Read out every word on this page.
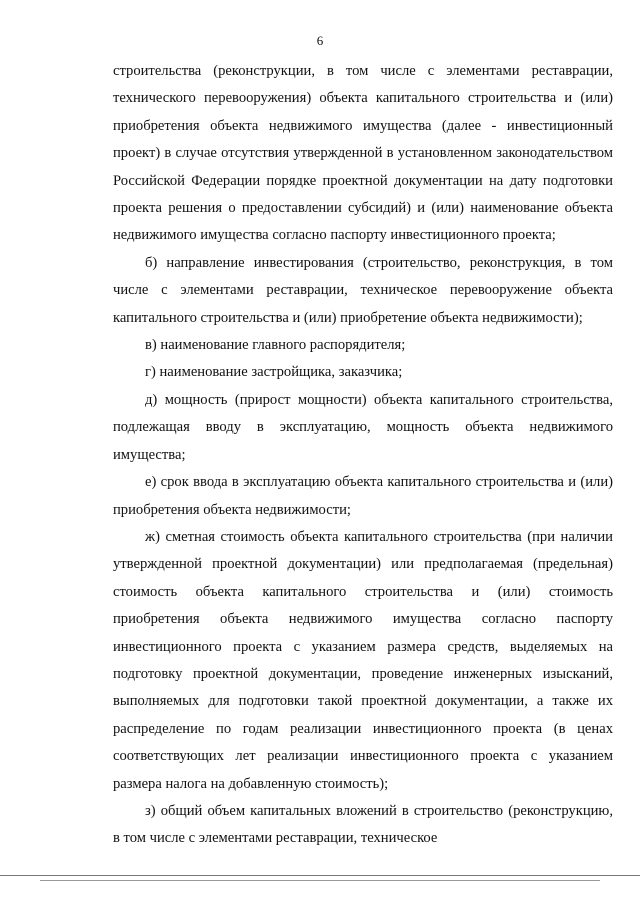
6

строительства (реконструкции, в том числе с элементами реставрации, технического перевооружения) объекта капитального строительства и (или) приобретения объекта недвижимого имущества (далее - инвестиционный проект) в случае отсутствия утвержденной в установленном законодательством Российской Федерации порядке проектной документации на дату подготовки проекта решения о предоставлении субсидий) и (или) наименование объекта недвижимого имущества согласно паспорту инвестиционного проекта;

б) направление инвестирования (строительство, реконструкция, в том числе с элементами реставрации, техническое перевооружение объекта капитального строительства и (или) приобретение объекта недвижимости);

в) наименование главного распорядителя;

г) наименование застройщика, заказчика;

д) мощность (прирост мощности) объекта капитального строительства, подлежащая вводу в эксплуатацию, мощность объекта недвижимого имущества;

е) срок ввода в эксплуатацию объекта капитального строительства и (или) приобретения объекта недвижимости;

ж) сметная стоимость объекта капитального строительства (при наличии утвержденной проектной документации) или предполагаемая (предельная) стоимость объекта капитального строительства и (или) стоимость приобретения объекта недвижимого имущества согласно паспорту инвестиционного проекта с указанием размера средств, выделяемых на подготовку проектной документации, проведение инженерных изысканий, выполняемых для подготовки такой проектной документации, а также их распределение по годам реализации инвестиционного проекта (в ценах соответствующих лет реализации инвестиционного проекта с указанием размера налога на добавленную стоимость);

з) общий объем капитальных вложений в строительство (реконструкцию, в том числе с элементами реставрации, техническое
